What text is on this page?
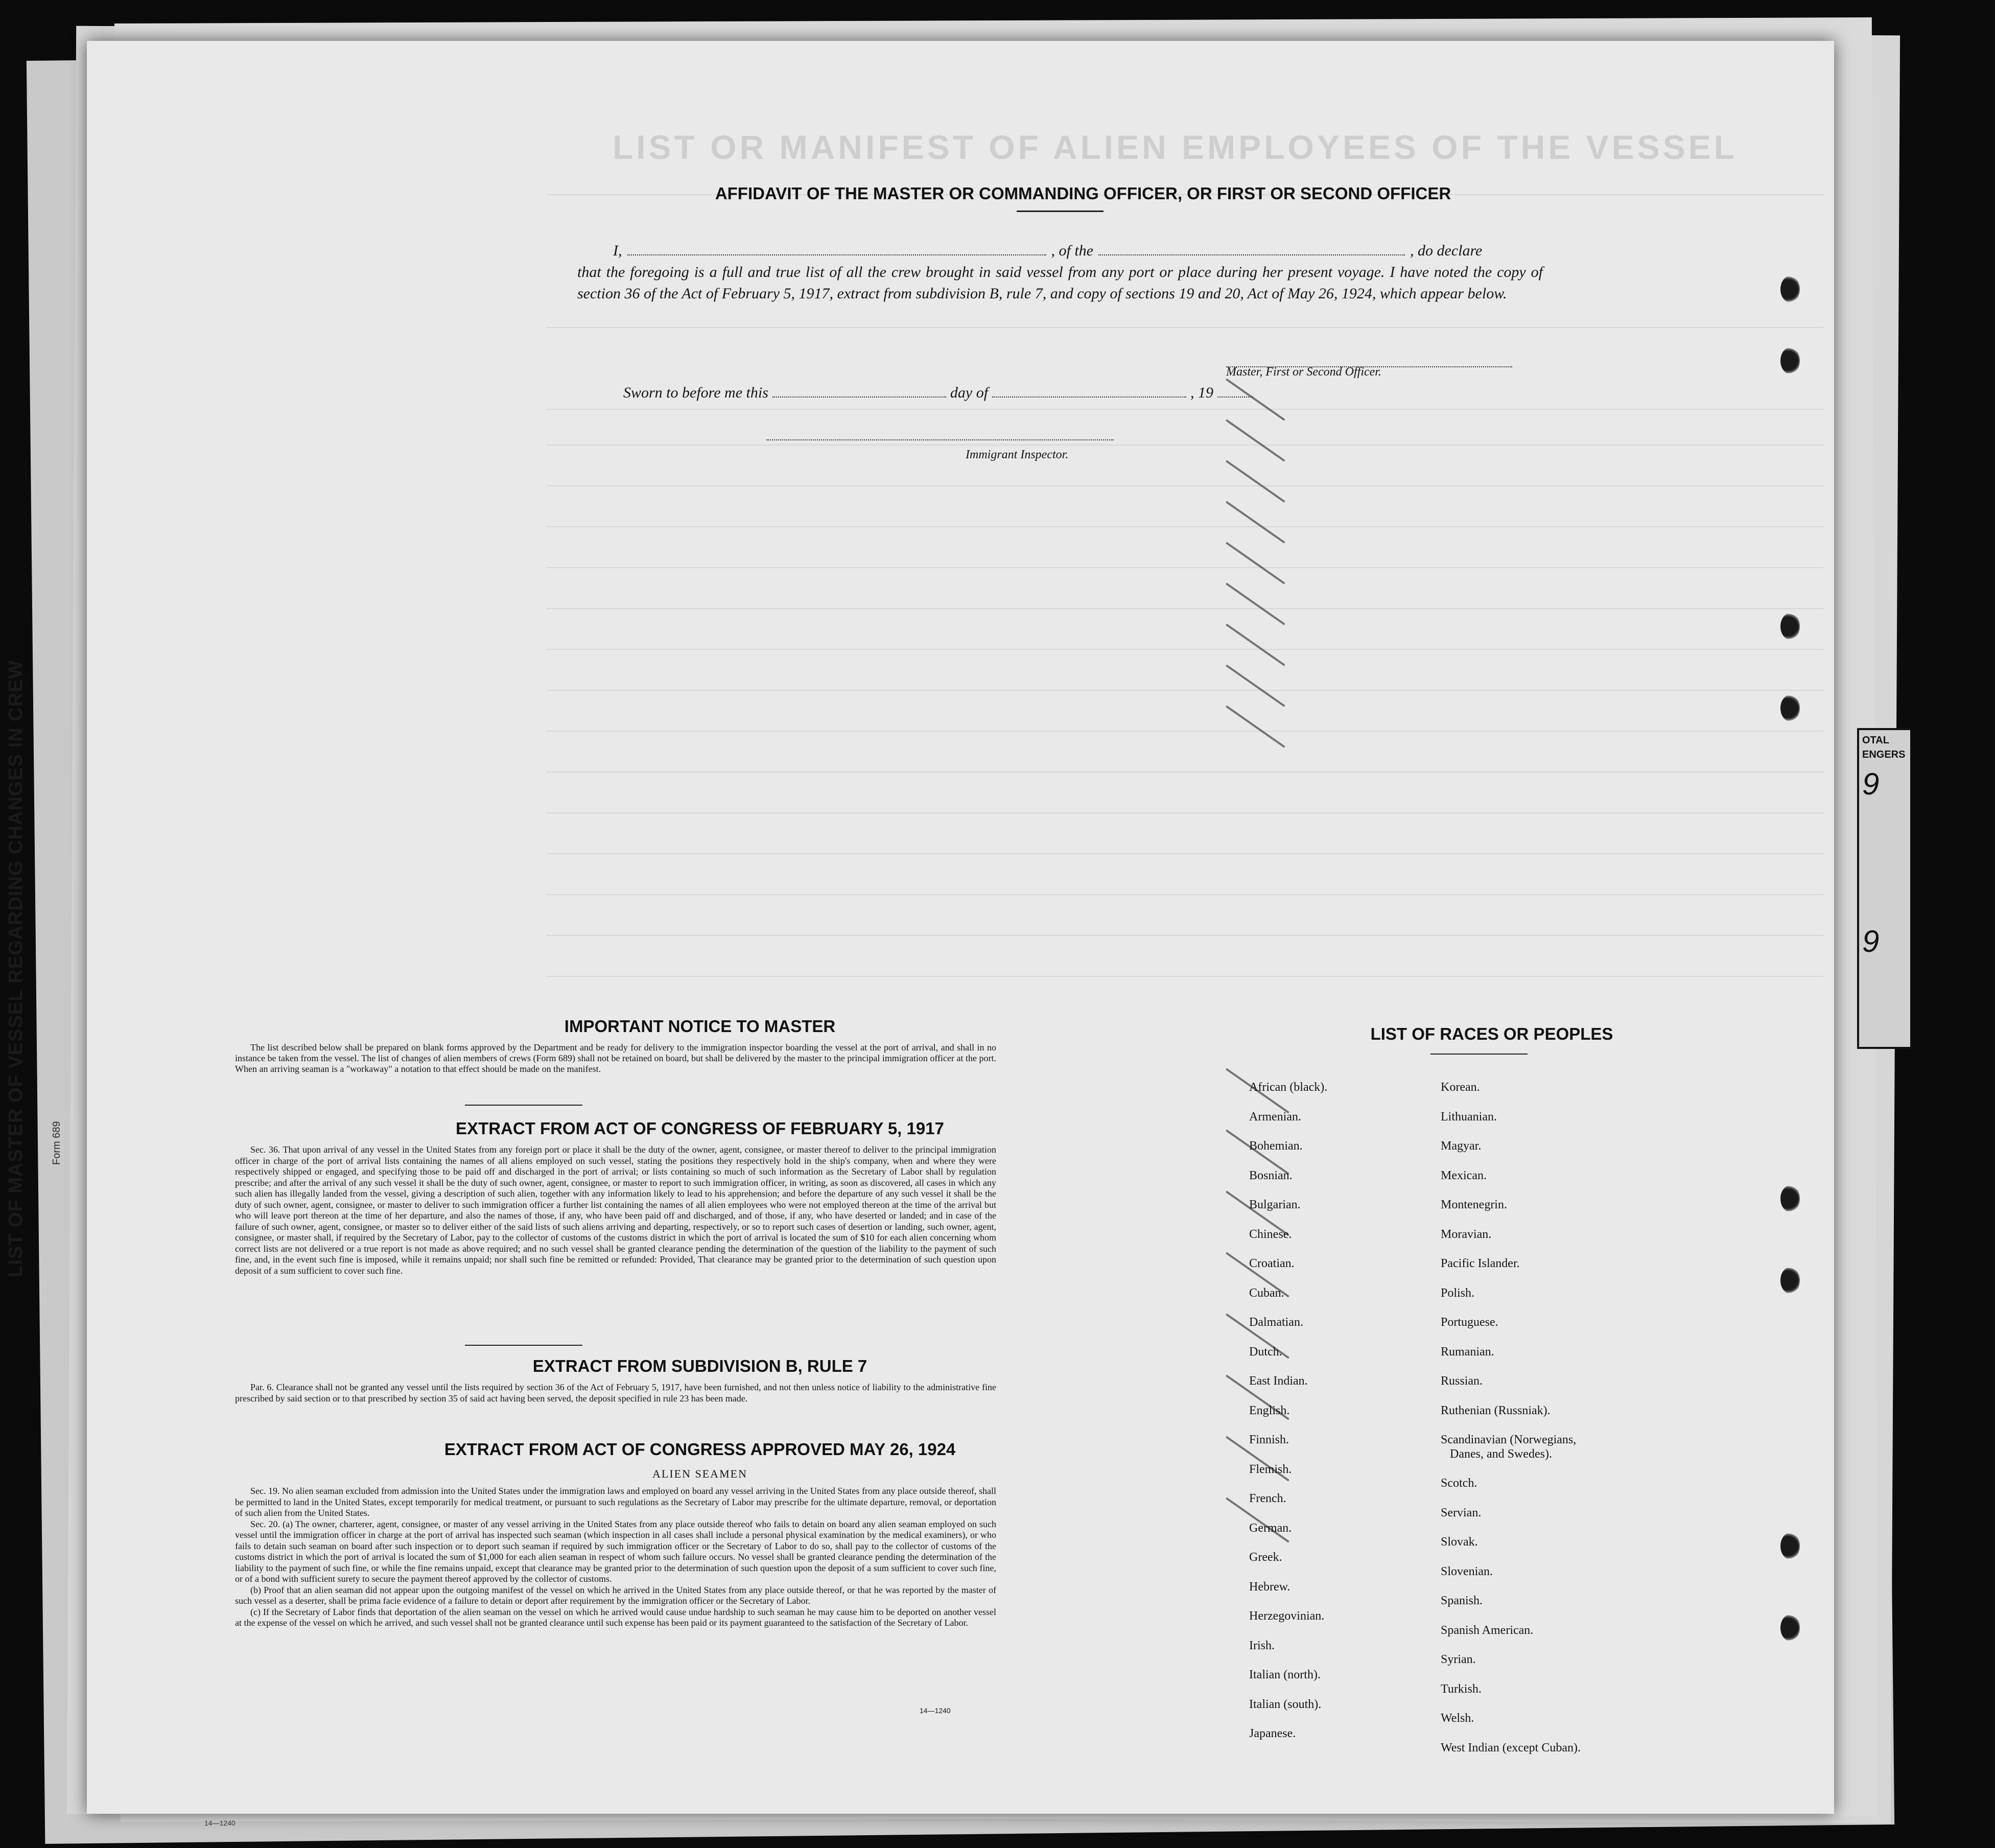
LIST OF MASTER OF VESSEL REGARDING CHANGES IN CREW Form 689
OTAL
ENGERS
9
9
LIST OR MANIFEST OF ALIEN EMPLOYEES OF THE VESSEL
AFFIDAVIT OF THE MASTER OR COMMANDING OFFICER, OR FIRST OR SECOND OFFICER
I,	, of the	, do declare
that the foregoing is a full and true list of all the crew brought in said vessel from any port or place during her present voyage. I have noted the copy of section 36 of the Act of February 5, 1917, extract from subdivision B, rule 7, and copy of sections 19 and 20, Act of May 26, 1924, which appear below.
Master, First or Second Officer.
Sworn to before me this	day of	, 19
Immigrant Inspector.
IMPORTANT NOTICE TO MASTER

The list described below shall be prepared on blank forms approved by the Department and be ready for delivery to the immigration inspector boarding the vessel at the port of arrival, and shall in no instance be taken from the vessel. The list of changes of alien members of crews (Form 689) shall not be retained on board, but shall be delivered by the master to the principal immigration officer at the port. When an arriving seaman is a "workaway" a notation to that effect should be made on the manifest.

EXTRACT FROM ACT OF CONGRESS OF FEBRUARY 5, 1917

Sec. 36. That upon arrival of any vessel in the United States from any foreign port or place it shall be the duty of the owner, agent, consignee, or master thereof to deliver to the principal immigration officer in charge of the port of arrival lists containing the names of all aliens employed on such vessel, stating the positions they respectively hold in the ship's company, when and where they were respectively shipped or engaged, and specifying those to be paid off and discharged in the port of arrival; or lists containing so much of such information as the Secretary of Labor shall by regulation prescribe; and after the arrival of any such vessel it shall be the duty of such owner, agent, consignee, or master to report to such immigration officer, in writing, as soon as discovered, all cases in which any such alien has illegally landed from the vessel, giving a description of such alien, together with any information likely to lead to his apprehension; and before the departure of any such vessel it shall be the duty of such owner, agent, consignee, or master to deliver to such immigration officer a further list containing the names of all alien employees who were not employed thereon at the time of the arrival but who will leave port thereon at the time of her departure, and also the names of those, if any, who have been paid off and discharged, and of those, if any, who have deserted or landed; and in case of the failure of such owner, agent, consignee, or master so to deliver either of the said lists of such aliens arriving and departing, respectively, or so to report such cases of desertion or landing, such owner, agent, consignee, or master shall, if required by the Secretary of Labor, pay to the collector of customs of the customs district in which the port of arrival is located the sum of $10 for each alien concerning whom correct lists are not delivered or a true report is not made as above required; and no such vessel shall be granted clearance pending the determination of the question of the liability to the payment of such fine, and, in the event such fine is imposed, while it remains unpaid; nor shall such fine be remitted or refunded: Provided, That clearance may be granted prior to the determination of such question upon deposit of a sum sufficient to cover such fine.

EXTRACT FROM SUBDIVISION B, RULE 7

Par. 6. Clearance shall not be granted any vessel until the lists required by section 36 of the Act of February 5, 1917, have been furnished, and not then unless notice of liability to the administrative fine prescribed by said section or to that prescribed by section 35 of said act having been served, the deposit specified in rule 23 has been made.

EXTRACT FROM ACT OF CONGRESS APPROVED MAY 26, 1924
ALIEN SEAMEN

Sec. 19. No alien seaman excluded from admission into the United States under the immigration laws and employed on board any vessel arriving in the United States from any place outside thereof, shall be permitted to land in the United States, except temporarily for medical treatment, or pursuant to such regulations as the Secretary of Labor may prescribe for the ultimate departure, removal, or deportation of such alien from the United States.

Sec. 20. (a) The owner, charterer, agent, consignee, or master of any vessel arriving in the United States from any place outside thereof who fails to detain on board any alien seaman employed on such vessel until the immigration officer in charge at the port of arrival has inspected such seaman (which inspection in all cases shall include a personal physical examination by the medical examiners), or who fails to detain such seaman on board after such inspection or to deport such seaman if required by such immigration officer or the Secretary of Labor to do so, shall pay to the collector of customs of the customs district in which the port of arrival is located the sum of $1,000 for each alien seaman in respect of whom such failure occurs. No vessel shall be granted clearance pending the determination of the liability to the payment of such fine, or while the fine remains unpaid, except that clearance may be granted prior to the determination of such question upon the deposit of a sum sufficient to cover such fine, or of a bond with sufficient surety to secure the payment thereof approved by the collector of customs.

(b) Proof that an alien seaman did not appear upon the outgoing manifest of the vessel on which he arrived in the United States from any place outside thereof, or that he was reported by the master of such vessel as a deserter, shall be prima facie evidence of a failure to detain or deport after requirement by the immigration officer or the Secretary of Labor.

(c) If the Secretary of Labor finds that deportation of the alien seaman on the vessel on which he arrived would cause undue hardship to such seaman he may cause him to be deported on another vessel at the expense of the vessel on which he arrived, and such vessel shall not be granted clearance until such expense has been paid or its payment guaranteed to the satisfaction of the Secretary of Labor.

14—1240
LIST OF RACES OR PEOPLES
African (black).
Armenian.
Bohemian.
Bosnian.
Bulgarian.
Chinese.
Croatian.
Cuban.
Dalmatian.
Dutch.
East Indian.
English.
Finnish.
Flemish.
French.
German.
Greek.
Hebrew.
Herzegovinian.
Irish.
Italian (north).
Italian (south).
Japanese.
Korean.
Lithuanian.
Magyar.
Mexican.
Montenegrin.
Moravian.
Pacific Islander.
Polish.
Portuguese.
Rumanian.
Russian.
Ruthenian (Russniak).
Scandinavian (Norwegians,
Danes, and Swedes).
Scotch.
Servian.
Slovak.
Slovenian.
Spanish.
Spanish American.
Syrian.
Turkish.
Welsh.
West Indian (except Cuban).
14—1240
